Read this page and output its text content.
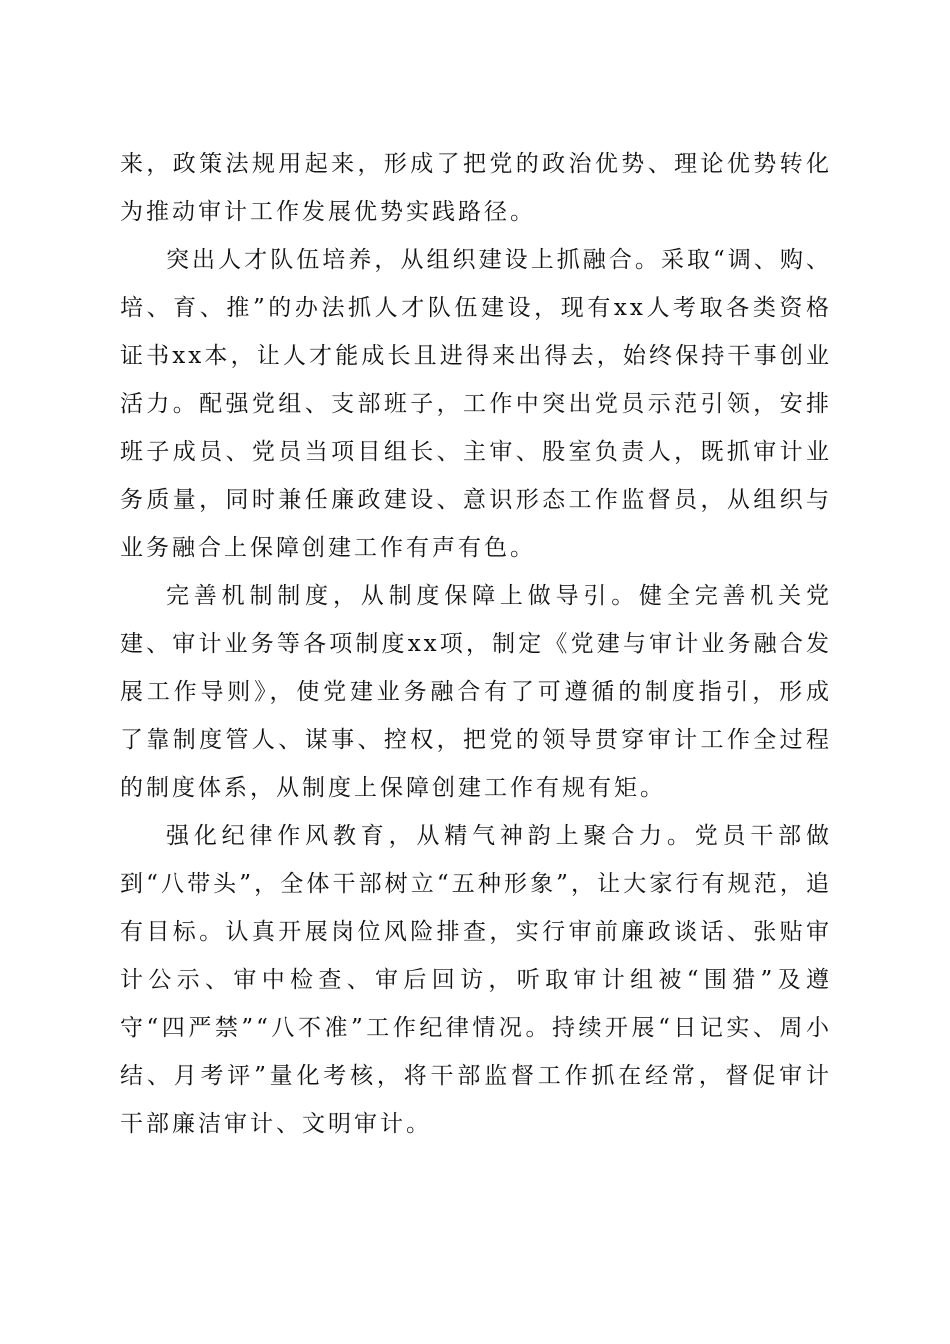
来，政策法规用起来，形成了把党的政治优势、理论优势转化为推动审计工作发展优势实践路径。

突出人才队伍培养，从组织建设上抓融合。采取“调、购、培、育、推”的办法抓人才队伍建设，现有xx人考取各类资格证书xx本，让人才能成长且进得来出得去，始终保持干事创业活力。配强党组、支部班子，工作中突出党员示范引领，安排班子成员、党员当项目组长、主审、股室负责人，既抓审计业务质量，同时兼任廉政建设、意识形态工作监督员，从组织与业务融合上保障创建工作有声有色。

完善机制制度，从制度保障上做导引。健全完善机关党建、审计业务等各项制度xx项，制定《党建与审计业务融合发展工作导则》，使党建业务融合有了可遵循的制度指引，形成了靠制度管人、谋事、控权，把党的领导贯穿审计工作全过程的制度体系，从制度上保障创建工作有规有矩。

强化纪律作风教育，从精气神韵上聚合力。党员干部做到“八带头”，全体干部树立“五种形象”，让大家行有规范，追有目标。认真开展岗位风险排查，实行审前廉政谈话、张贴审计公示、审中检查、审后回访，听取审计组被“围猎”及遵守“四严禁”“八不准”工作纪律情况。持续开展“日记实、周小结、月考评”量化考核，将干部监督工作抓在经常，督促审计干部廉洁审计、文明审计。
